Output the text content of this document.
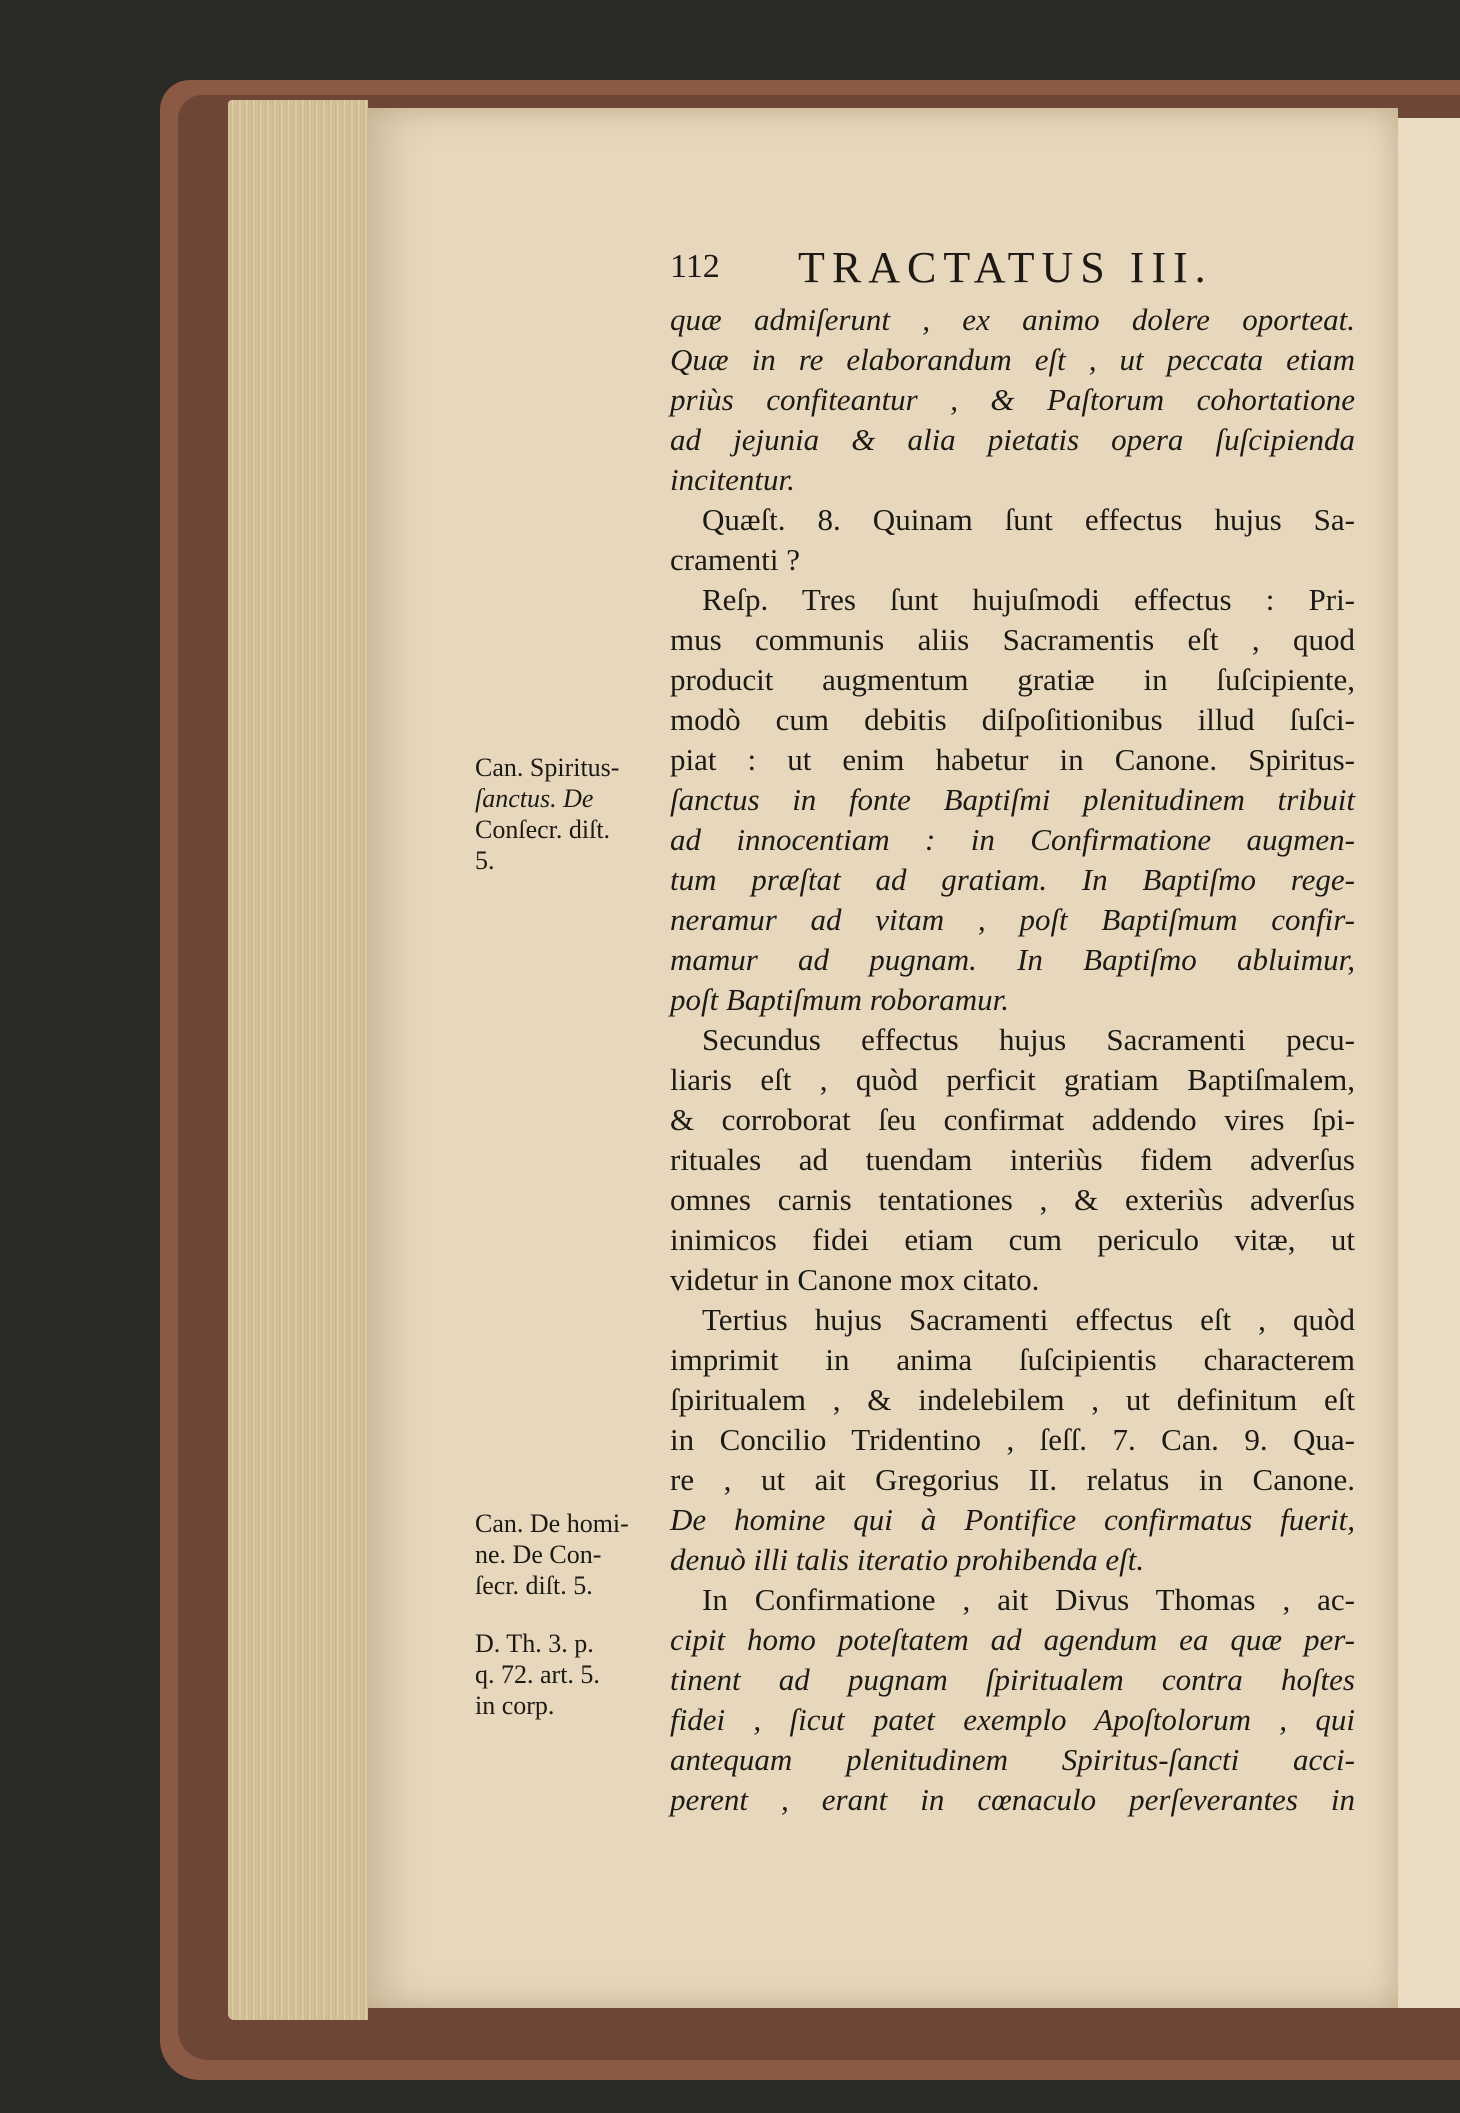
112 TRACTATUS III.
quæ admiſerunt , ex animo dolere oporteat.
Quæ in re elaborandum eſt , ut peccata etiam
priùs confiteantur , & Paſtorum cohortatione
ad jejunia & alia pietatis opera ſuſcipienda
incitentur.
Quæſt. 8. Quinam ſunt effectus hujus Sa-
cramenti ?
Reſp. Tres ſunt hujuſmodi effectus : Pri-
mus communis aliis Sacramentis eſt , quod
producit augmentum gratiæ in ſuſcipiente,
modò cum debitis diſpoſitionibus illud ſuſci-
piat : ut enim habetur in Canone. Spiritus-
ſanctus in fonte Baptiſmi plenitudinem tribuit
ad innocentiam : in Confirmatione augmen-
tum præſtat ad gratiam. In Baptiſmo rege-
neramur ad vitam , poſt Baptiſmum confir-
mamur ad pugnam. In Baptiſmo abluimur,
poſt Baptiſmum roboramur.
Secundus effectus hujus Sacramenti pecu-
liaris eſt , quòd perficit gratiam Baptiſmalem,
& corroborat ſeu confirmat addendo vires ſpi-
rituales ad tuendam interiùs fidem adverſus
omnes carnis tentationes , & exteriùs adverſus
inimicos fidei etiam cum periculo vitæ, ut
videtur in Canone mox citato.
Tertius hujus Sacramenti effectus eſt , quòd
imprimit in anima ſuſcipientis characterem
ſpiritualem , & indelebilem , ut definitum eſt
in Concilio Tridentino , ſeſſ. 7. Can. 9. Qua-
re , ut ait Gregorius II. relatus in Canone.
De homine qui à Pontifice confirmatus fuerit,
denuò illi talis iteratio prohibenda eſt.
In Confirmatione , ait Divus Thomas , ac-
cipit homo poteſtatem ad agendum ea quæ per-
tinent ad pugnam ſpiritualem contra hoſtes
fidei , ſicut patet exemplo Apoſtolorum , qui
antequam plenitudinem Spiritus-ſancti acci-
perent , erant in cœnaculo perſeverantes in
Can. Spiritus-
ſanctus. De
Conſecr. diſt.
5.
Can. De homi-
ne. De Con-
ſecr. diſt. 5.
D. Th. 3. p.
q. 72. art. 5.
in corp.
